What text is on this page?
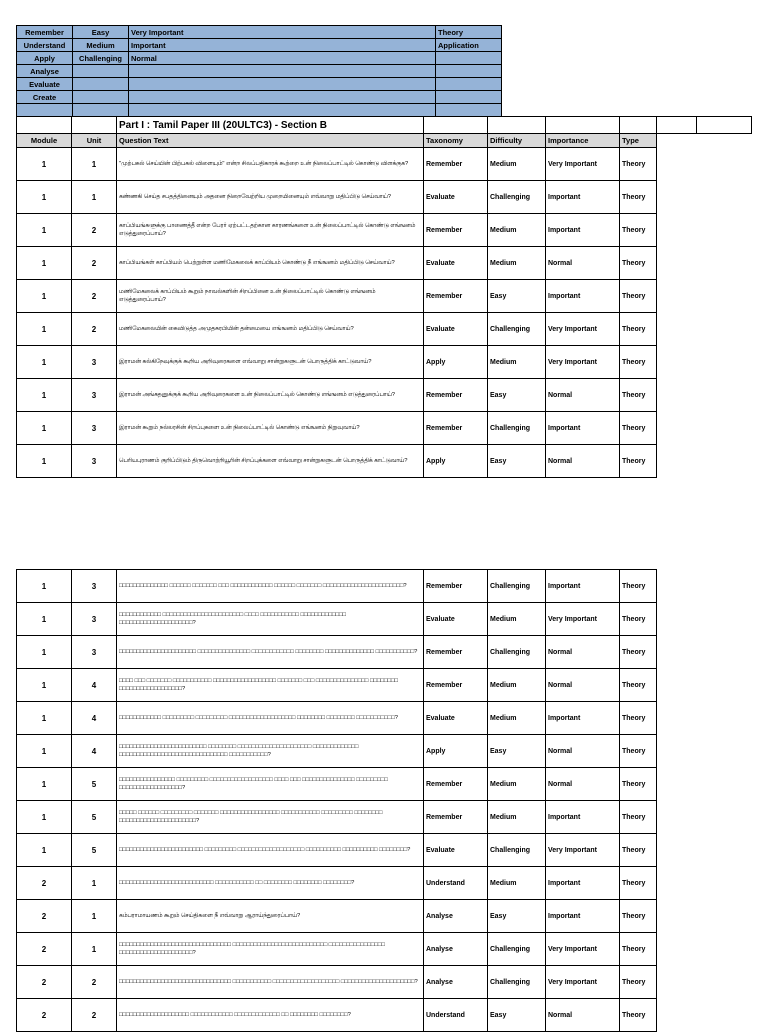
Remember	Easy	Very Important	Theory
Understand	Medium	Important	Application
Apply	Challenging	Normal	
Analyse			
Evaluate			
Create			

		Part I : Tamil Paper III (20ULTC3) - Section B						
Module	Unit	Question Text	Taxonomy	Difficulty	Importance	Type		
1	1	"முற்பகல் செய்யின் பிற்பகல் விளையும்" என்ற சிலப்பதிகாரக் கூற்றை உன் நிலைப்பாட்டில் கொண்டு விளக்குக?	Remember	Medium	Very Important	Theory		
1	1	கண்ணகி செய்த சபதத்தினையும் அதனை நிறைவேற்றிய முறையினையும் எவ்வாறு மதிப்பிடு செய்வாய்?	Evaluate	Challenging	Important	Theory		
1	2	காப்பியங்களுக்கு பாணைத்தீ என்ற பேரர் ஏற்பட்டதற்கான காரணங்களை உன் நிலைப்பாட்டில் கொண்டு எங்ஙனம் எடுத்துரைப்பாய்?	Remember	Medium	Important	Theory		
1	2	காப்பியங்கள் காப்பியம் பெற்றுள்ள மணிமேகலைக் காப்பியம் கொண்டு நீ எங்ஙனம் மதிப்பிடு செய்வாய்?	Evaluate	Medium	Normal	Theory		
1	2	மணிமேகலைக் காப்பியம் கூறும் நாவல்களின் சிறப்பினை உன் நிலைப்பாட்டில் கொண்டு எங்ஙனம் எடுத்துரைப்பாய்?	Remember	Easy	Important	Theory		
1	2	மணிமேகலையின் கைவிடுத்த அமுதசுரபியின் தன்மையை எங்ஙனம் மதிப்பிடு செய்வாய்?	Evaluate	Challenging	Very Important	Theory		
1	3	இராமன் கல்கிநேவுக்குக் கூறிய அறிவுரைகளை எவ்வாறு சான்றுகளுடன் பொருத்திக் காட்டுவாய்?	Apply	Medium	Very Important	Theory		
1	3	இராமன் அங்கதனுக்குக் கூறிய அறிவுரைகளை உன் நிலைப்பாட்டில் கொண்டு எங்ஙனம் எடுத்துரைப்பாய்?	Remember	Easy	Normal	Theory		
1	3	இராமன் கூறும் நல்லரசின் சிறப்புகளை உன் நிலைப்பாட்டில் கொண்டு எங்ஙனம் நிறுவுவாய்?	Remember	Challenging	Important	Theory		
1	3	பெரியபுராணம் குறிப்பிடும் திருவொற்றியூரின் சிறப்புக்களை எவ்வாறு சான்றுகளுடன் பொருத்திக் காட்டுவாய்?	Apply	Easy	Normal	Theory		
1	3	□□□□□□□□□□□□□□ □□□□□□ □□□□□□□ □□□ □□□□□□□□□□□□ □□□□□□ □□□□□□□ □□□□□□□□□□□□□□□□□□□□□□□?	Remember	Challenging	Important	Theory
1	3	□□□□□□□□□□□□ □□□□□□□□□□□□□□□□□□□□□□□ □□□□ □□□□□□□□□□□ □□□□□□□□□□□□□ □□□□□□□□□□□□□□□□□□□□□?	Evaluate	Medium	Very Important	Theory
1	3	□□□□□□□□□□□□□□□□□□□□□□ □□□□□□□□□□□□□□□ □□□□□□□□□□□□ □□□□□□□□ □□□□□□□□□□□□□□ □□□□□□□□□□□?	Remember	Challenging	Normal	Theory
1	4	□□□□ □□□ □□□□□□□ □□□□□□□□□□□ □□□□□□□□□□□□□□□□□□ □□□□□□□ □□□ □□□□□□□□□□□□□□□ □□□□□□□□ □□□□□□□□□□□□□□□□□□?	Remember	Medium	Normal	Theory
1	4	□□□□□□□□□□□□ □□□□□□□□□ □□□□□□□□□ □□□□□□□□□□□□□□□□□□□ □□□□□□□□ □□□□□□□□ □□□□□□□□□□□?	Evaluate	Medium	Important	Theory
1	4	□□□□□□□□□□□□□□□□□□□□□□□□□ □□□□□□□□ □□□□□□□□□□□□□□□□□□□□□ □□□□□□□□□□□□□ □□□□□□□□□□□□□□□□□□□□□□□□□□□□□□□ □□□□□□□□□□□?	Apply	Easy	Normal	Theory
1	5	□□□□□□□□□□□□□□□□ □□□□□□□□□ □□□□□□□□□□□□□□□□□□ □□□□ □□□ □□□□□□□□□□□□□□□ □□□□□□□□□ □□□□□□□□□□□□□□□□□□?	Remember	Medium	Normal	Theory
1	5	□□□□□ □□□□□□ □□□□□□□□□ □□□□□□□ □□□□□□□□□□□□□□□□□ □□□□□□□□□□□ □□□□□□□□□ □□□□□□□□ □□□□□□□□□□□□□□□□□□□□□□?	Remember	Medium	Important	Theory
1	5	□□□□□□□□□□□□□□□□□□□□□□□□ □□□□□□□□□ □□□□□□□□□□□□□□□□□□□ □□□□□□□□□□ □□□□□□□□□□ □□□□□□□□?	Evaluate	Challenging	Very Important	Theory
2	1	□□□□□□□□□□□□□□□□□□□□□□□□□□□ □□□□□□□□□□□ □□ □□□□□□□□ □□□□□□□□ □□□□□□□□?	Understand	Medium	Important	Theory
2	1	கம்பராமாயணம் கூறும் செய்திகளை நீ எவ்வாறு ஆராய்ந்துரைப்பாய்?	Analyse	Easy	Important	Theory
2	1	□□□□□□□□□□□□□□□□□□□□□□□□□□□□□□□□ □□□□□□□□□□□□□□□□□□□□□□□□□□□ □□□□□□□□□□□□□□□□ □□□□□□□□□□□□□□□□□□□□□?	Analyse	Challenging	Very Important	Theory
2	2	□□□□□□□□□□□□□□□□□□□□□□□□□□□□□□□□ □□□□□□□□□□□ □□□□□□□□□□□□□□□□□□□ □□□□□□□□□□□□□□□□□□□□□?	Analyse	Challenging	Very Important	Theory
2	2	□□□□□□□□□□□□□□□□□□□□ □□□□□□□□□□□□ □□□□□□□□□□□□□ □□ □□□□□□□□ □□□□□□□□?	Understand	Easy	Normal	Theory
